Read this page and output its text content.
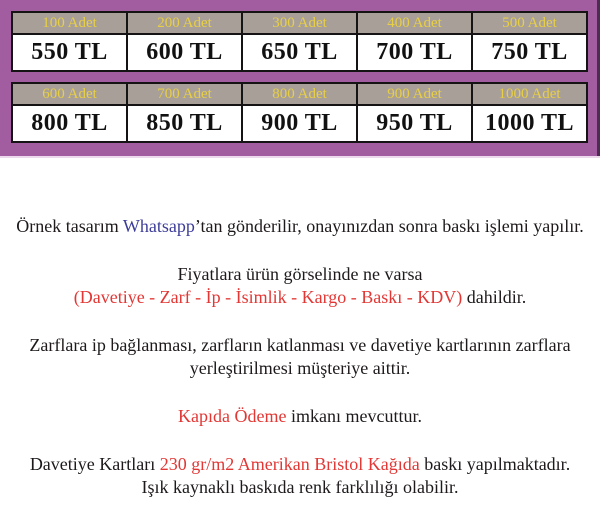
100 Adet	200 Adet	300 Adet	400 Adet	500 Adet
550 TL	600 TL	650 TL	700 TL	750 TL
600 Adet	700 Adet	800 Adet	900 Adet	1000 Adet
800 TL	850 TL	900 TL	950 TL	1000 TL

Örnek tasarım Whatsapp’tan gönderilir, onayınızdan sonra baskı işlemi yapılır.

Fiyatlara ürün görselinde ne varsa
(Davetiye - Zarf - İp - İsimlik - Kargo - Baskı - KDV) dahildir.

Zarflara ip bağlanması, zarfların katlanması ve davetiye kartlarının zarflara yerleştirilmesi müşteriye aittir.

Kapıda Ödeme imkanı mevcuttur.

Davetiye Kartları 230 gr/m2 Amerikan Bristol Kağıda baskı yapılmaktadır.
Işık kaynaklı baskıda renk farklılığı olabilir.
